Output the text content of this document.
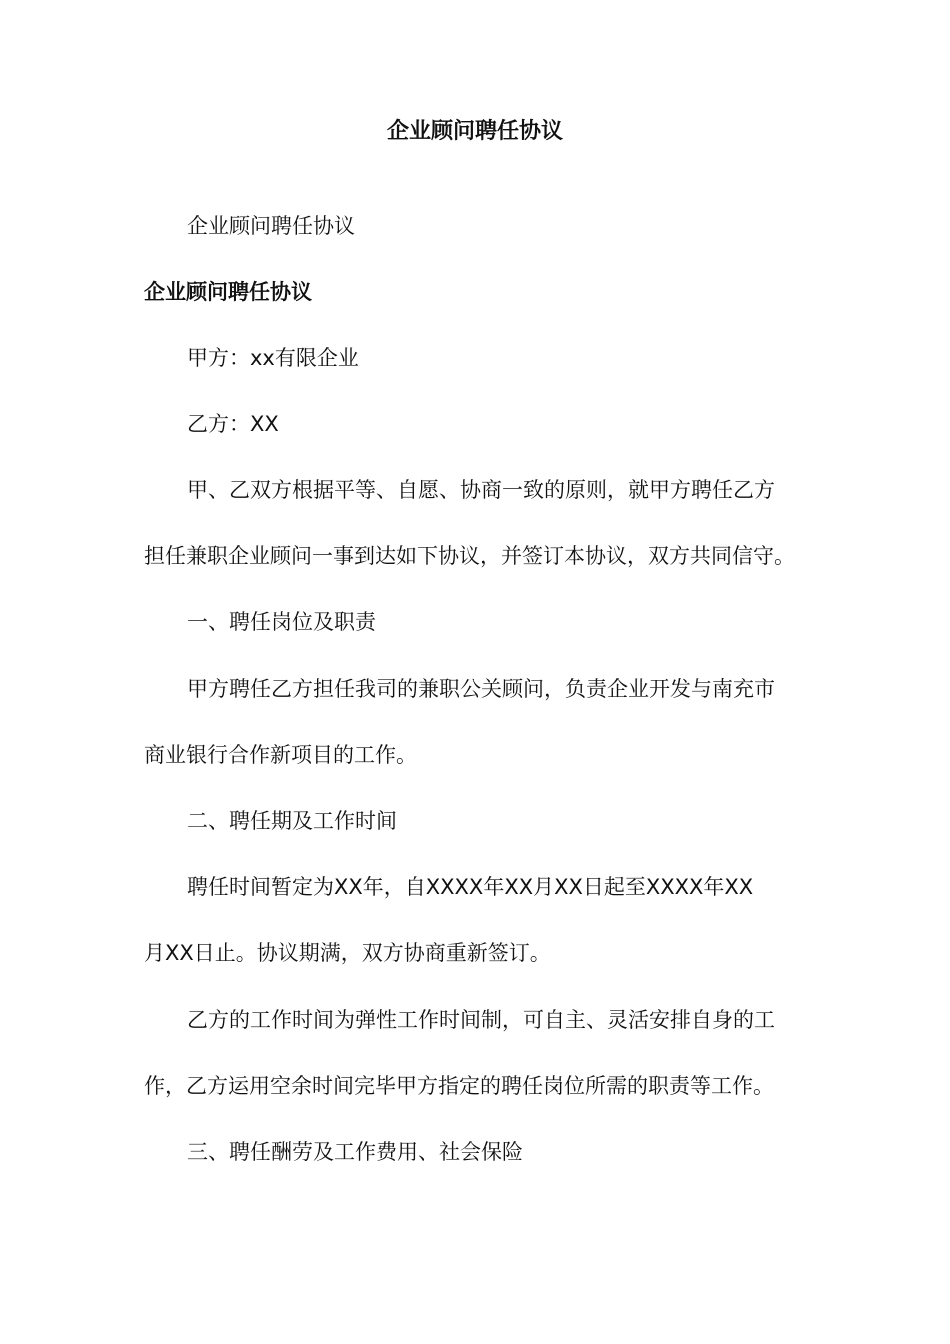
企业顾问聘任协议
企业顾问聘任协议
企业顾问聘任协议
甲方：xx有限企业
乙方：XX
甲、乙双方根据平等、自愿、协商一致的原则，就甲方聘任乙方
担任兼职企业顾问一事到达如下协议，并签订本协议，双方共同信守。
一、聘任岗位及职责
甲方聘任乙方担任我司的兼职公关顾问，负责企业开发与南充市
商业银行合作新项目的工作。
二、聘任期及工作时间
聘任时间暂定为XX年，自XXXX年XX月XX日起至XXXX年XX
月XX日止。协议期满，双方协商重新签订。
乙方的工作时间为弹性工作时间制，可自主、灵活安排自身的工
作，乙方运用空余时间完毕甲方指定的聘任岗位所需的职责等工作。
三、聘任酬劳及工作费用、社会保险
